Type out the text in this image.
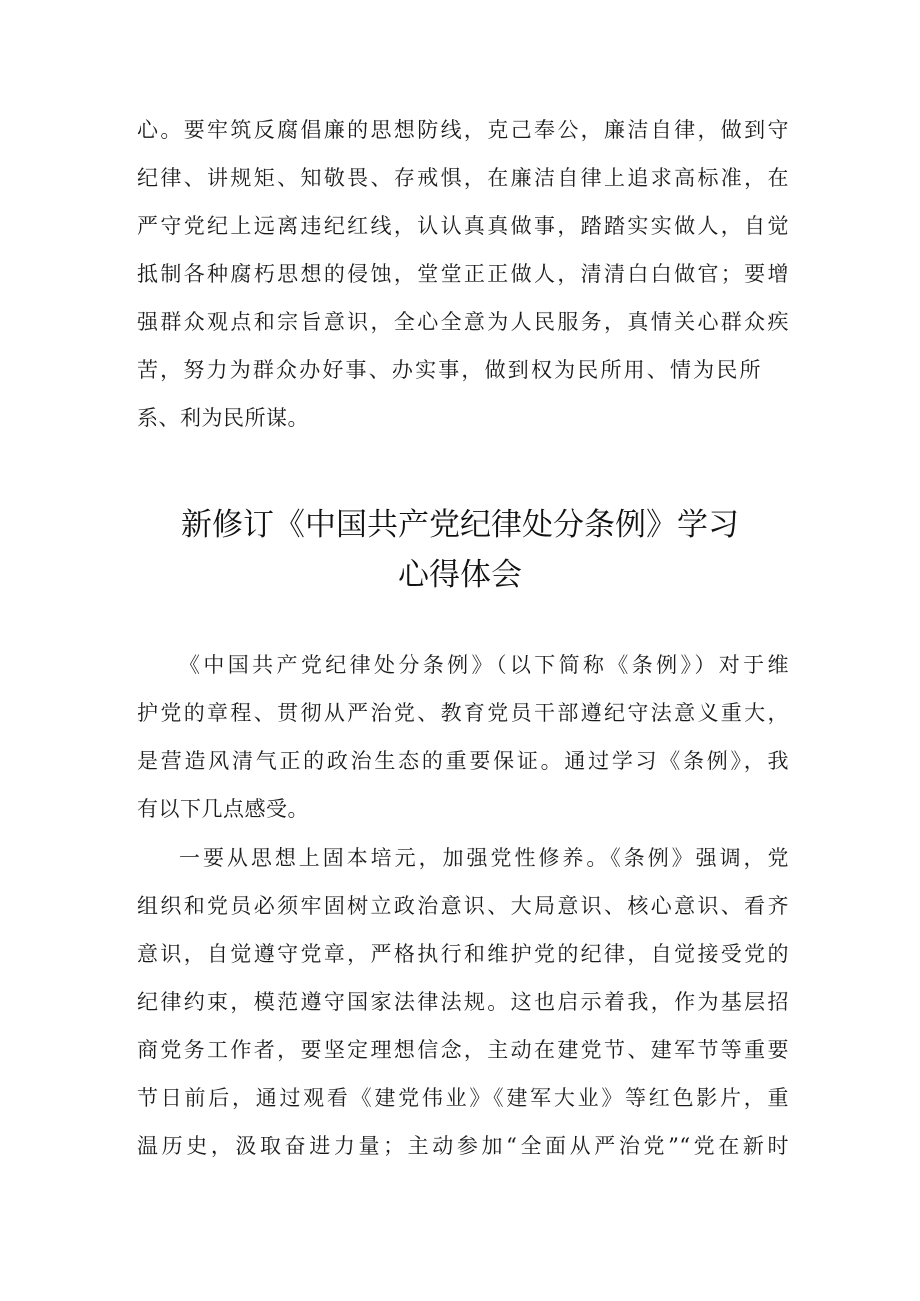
心。要牢筑反腐倡廉的思想防线，克己奉公，廉洁自律，做到守
纪律、讲规矩、知敬畏、存戒惧，在廉洁自律上追求高标准，在
严守党纪上远离违纪红线，认认真真做事，踏踏实实做人，自觉
抵制各种腐朽思想的侵蚀，堂堂正正做人，清清白白做官；要增
强群众观点和宗旨意识，全心全意为人民服务，真情关心群众疾
苦，努力为群众办好事、办实事，做到权为民所用、情为民所
系、利为民所谋。
新修订《中国共产党纪律处分条例》学习
心得体会
《中国共产党纪律处分条例》（以下简称《条例》）对于维
护党的章程、贯彻从严治党、教育党员干部遵纪守法意义重大，
是营造风清气正的政治生态的重要保证。通过学习《条例》，我
有以下几点感受。
一要从思想上固本培元，加强党性修养。《条例》强调，党
组织和党员必须牢固树立政治意识、大局意识、核心意识、看齐
意识，自觉遵守党章，严格执行和维护党的纪律，自觉接受党的
纪律约束，模范遵守国家法律法规。这也启示着我，作为基层招
商党务工作者，要坚定理想信念，主动在建党节、建军节等重要
节日前后，通过观看《建党伟业》《建军大业》等红色影片，重
温历史，汲取奋进力量；主动参加“全面从严治党”“党在新时
